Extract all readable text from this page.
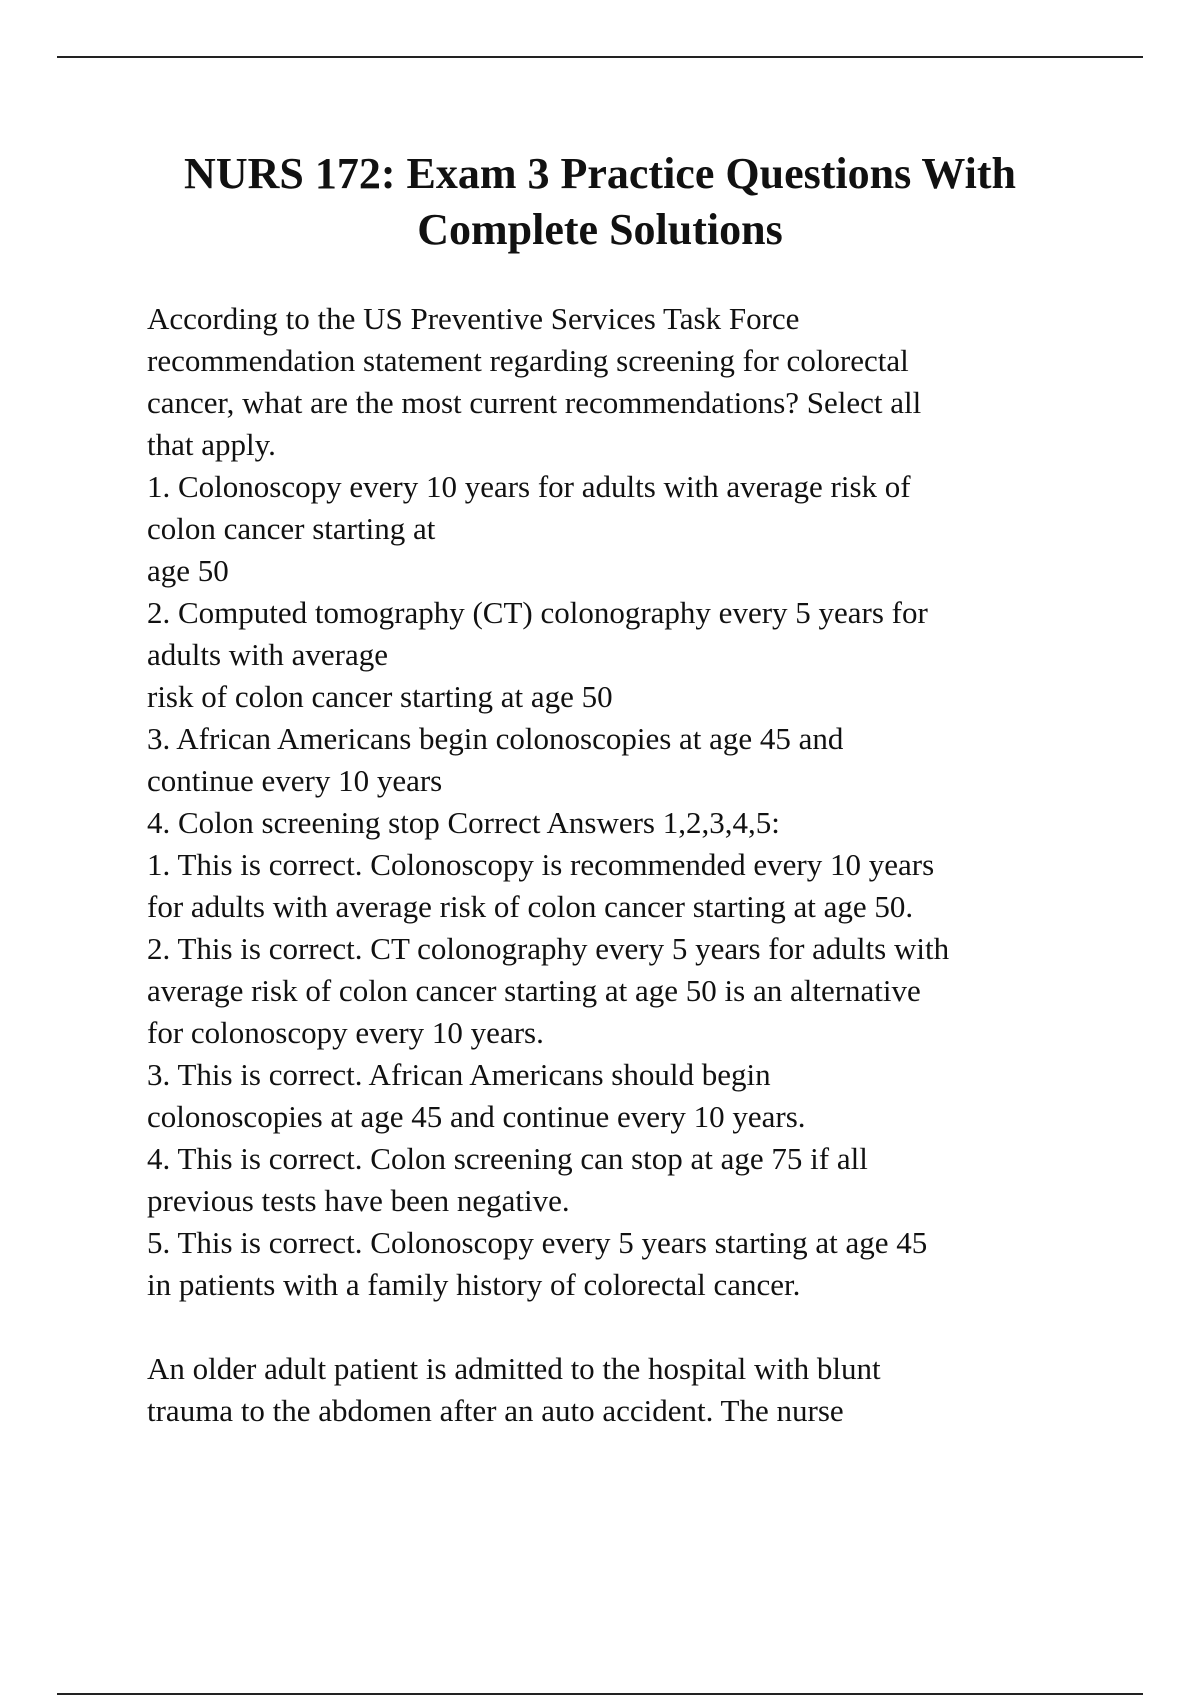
NURS 172: Exam 3 Practice Questions With
Complete Solutions
According to the US Preventive Services Task Force
recommendation statement regarding screening for colorectal
cancer, what are the most current recommendations? Select all
that apply.
1. Colonoscopy every 10 years for adults with average risk of
colon cancer starting at
age 50
2. Computed tomography (CT) colonography every 5 years for
adults with average
risk of colon cancer starting at age 50
3. African Americans begin colonoscopies at age 45 and
continue every 10 years
4. Colon screening stop Correct Answers 1,2,3,4,5:
1. This is correct. Colonoscopy is recommended every 10 years
for adults with average risk of colon cancer starting at age 50.
2. This is correct. CT colonography every 5 years for adults with
average risk of colon cancer starting at age 50 is an alternative
for colonoscopy every 10 years.
3. This is correct. African Americans should begin
colonoscopies at age 45 and continue every 10 years.
4. This is correct. Colon screening can stop at age 75 if all
previous tests have been negative.
5. This is correct. Colonoscopy every 5 years starting at age 45
in patients with a family history of colorectal cancer.
An older adult patient is admitted to the hospital with blunt
trauma to the abdomen after an auto accident. The nurse
